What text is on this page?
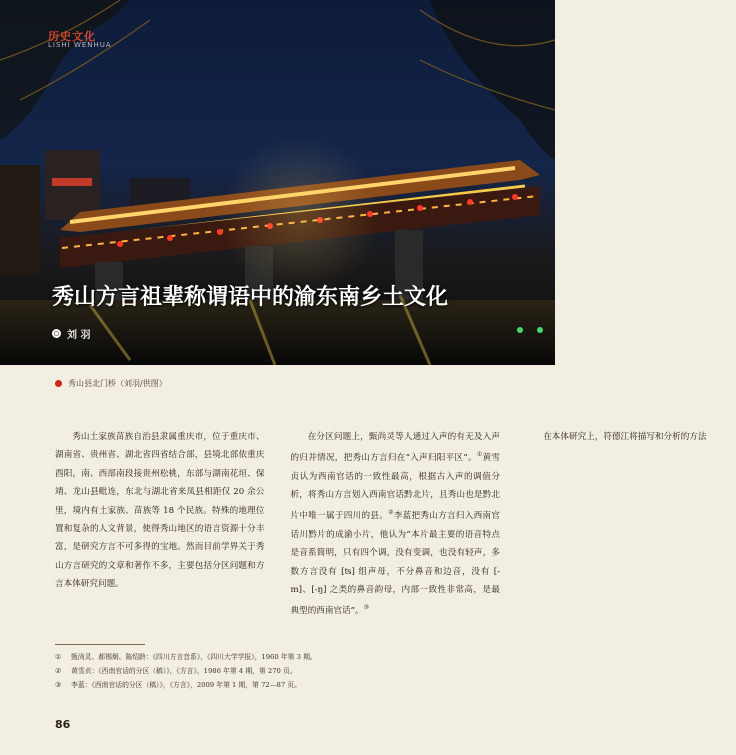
历史文化
LISHI WENHUA
秀山方言祖辈称谓语中的渝东南乡土文化
刘 羽
秀山县北门桥（刘羽/供图）

秀山土家族苗族自治县隶属重庆市，位于重庆市、湖南省、贵州省、湖北省四省结合部，县境北部依重庆酉阳，南、西部南段接贵州松桃，东部与湖南花垣、保靖、龙山县毗连，东北与湖北省来凤县相距仅 20 余公里，境内有土家族、苗族等 18 个民族。特殊的地理位置和复杂的人文背景，使得秀山地区的语言资源十分丰富，是研究方言不可多得的宝地。然而目前学界关于秀山方言研究的文章和著作不多，主要包括分区问题和方言本体研究问题。

在分区问题上，甄尚灵等人通过入声的有无及入声的归并情况，把秀山方言归在“入声归阳平区”。①黄雪贞认为西南官话的一致性最高，根据古入声的调值分析，将秀山方言划入西南官话黔北片，且秀山也是黔北片中唯一属于四川的县。②李蓝把秀山方言归入西南官话川黔片的成渝小片，他认为“本片最主要的语音特点是音系简明，只有四个调，没有变调，也没有轻声，多数方言没有 [ʦ] 组声母，不分鼻音和边音，没有 [-m]、[-ŋ] 之类的鼻音韵母，内部一致性非常高，是最典型的西南官话”。③

在本体研究上，符德江将描写和分析的方法

① 甄尚灵、郝锡炯、陈绍龄：《四川方言音系》，《四川大学学报》，1960 年第 3 期。
② 黄雪贞：《西南官话的分区（稿）》，《方言》，1986 年第 4 期，第 270 页。
③ 李蓝：《西南官话的分区（稿）》，《方言》，2009 年第 1 期，第 72—87 页。
86
